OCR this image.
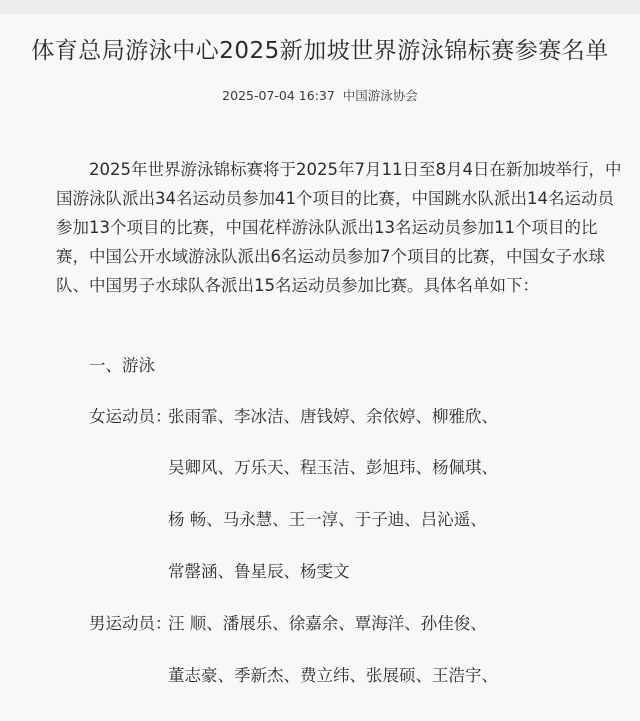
体育总局游泳中心2025新加坡世界游泳锦标赛参赛名单
2025-07-04 16:37 中国游泳协会
2025年世界游泳锦标赛将于2025年7月11日至8月4日在新加坡举行，中
国游泳队派出34名运动员参加41个项目的比赛，中国跳水队派出14名运动员
参加13个项目的比赛，中国花样游泳队派出13名运动员参加11个项目的比
赛，中国公开水域游泳队派出6名运动员参加7个项目的比赛，中国女子水球
队、中国男子水球队各派出15名运动员参加比赛。具体名单如下：
一、游泳
女运动员：
张雨霏、李冰洁、唐钱婷、余依婷、柳雅欣、
吴卿风、万乐天、程玉洁、彭旭玮、杨佩琪、
杨 畅、马永慧、王一淳、于子迪、吕沁遥、
常罄涵、鲁星辰、杨雯文
男运动员：
汪 顺、潘展乐、徐嘉余、覃海洋、孙佳俊、
董志豪、季新杰、费立纬、张展硕、王浩宇、
